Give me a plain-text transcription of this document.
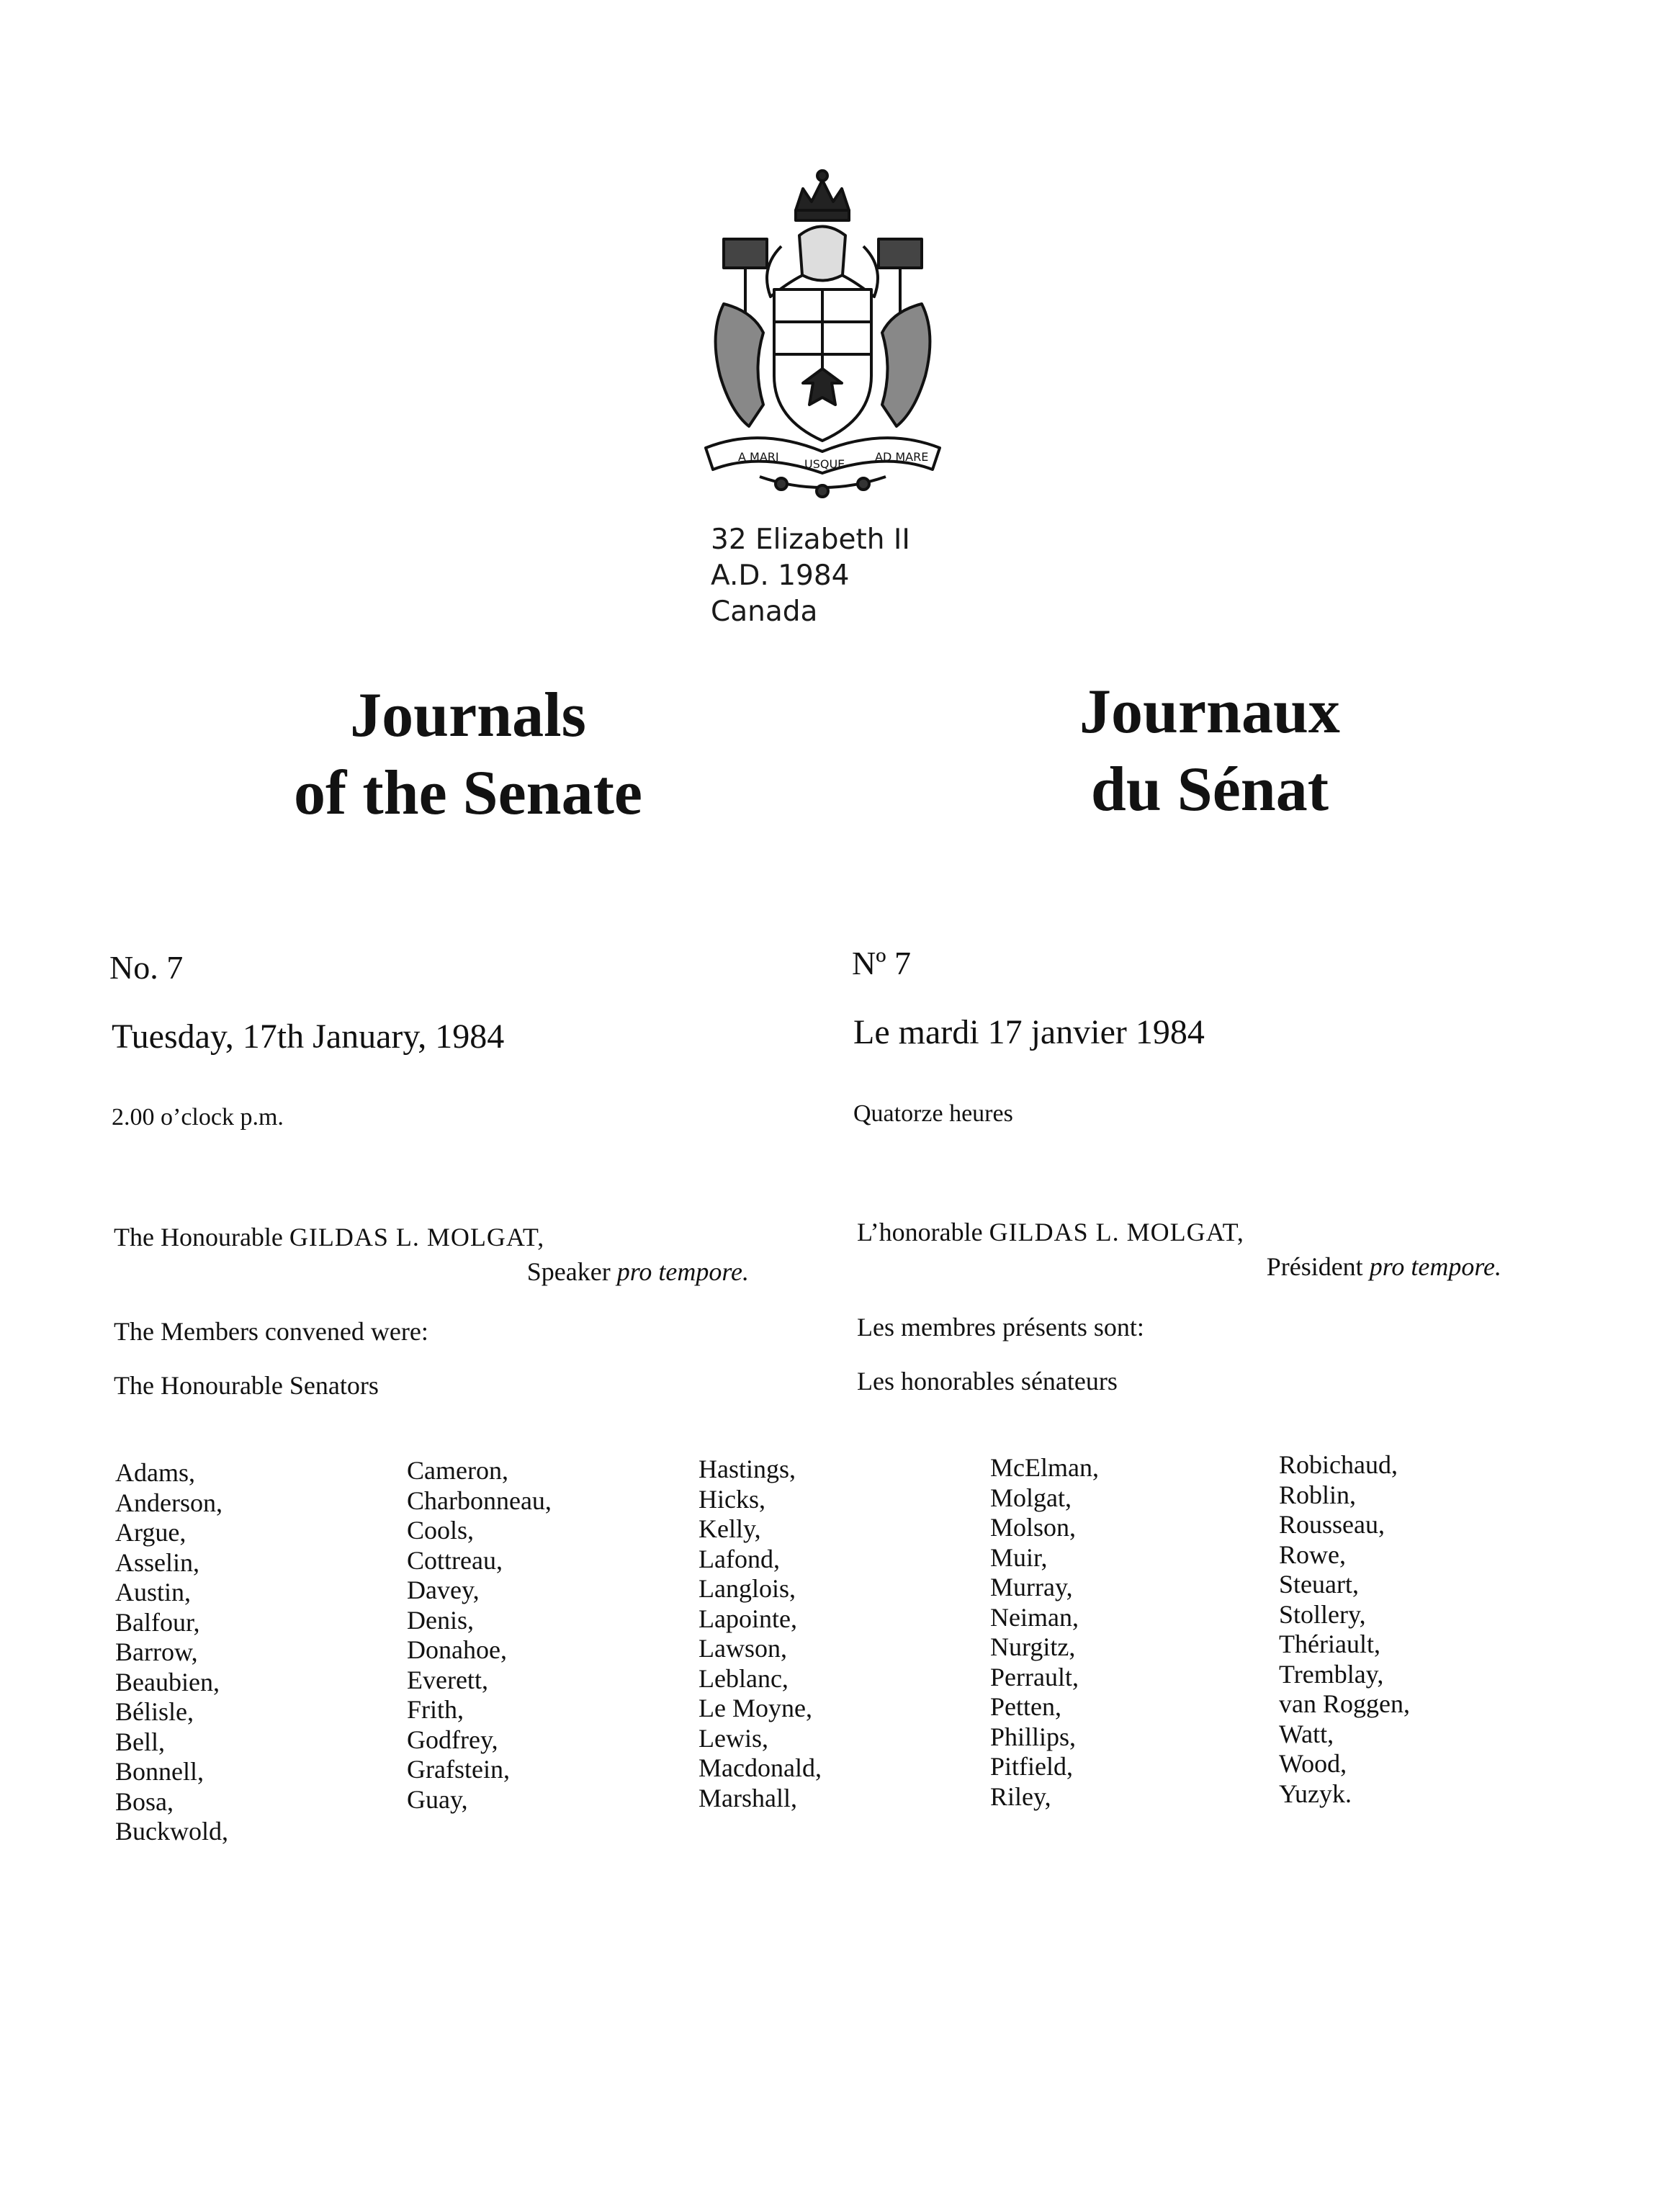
A MARI
USQUE
AD MARE
32 Elizabeth II
A.D. 1984
Canada
Journals
of the Senate
Journaux
du Sénat
No. 7
Tuesday, 17th January, 1984
2.00 o’clock p.m.
Nº 7
Le mardi 17 janvier 1984
Quatorze heures
The Honourable GILDAS L. MOLGAT,
Speaker pro tempore.
L’honorable GILDAS L. MOLGAT,
Président pro tempore.
The Members convened were:	Les membres présents sont:
The Honourable Senators	Les honorables sénateurs
Adams,
Anderson,
Argue,
Asselin,
Austin,
Balfour,
Barrow,
Beaubien,
Bélisle,
Bell,
Bonnell,
Bosa,
Buckwold,
Cameron,
Charbonneau,
Cools,
Cottreau,
Davey,
Denis,
Donahoe,
Everett,
Frith,
Godfrey,
Grafstein,
Guay,
Hastings,
Hicks,
Kelly,
Lafond,
Langlois,
Lapointe,
Lawson,
Leblanc,
Le Moyne,
Lewis,
Macdonald,
Marshall,
McElman,
Molgat,
Molson,
Muir,
Murray,
Neiman,
Nurgitz,
Perrault,
Petten,
Phillips,
Pitfield,
Riley,
Robichaud,
Roblin,
Rousseau,
Rowe,
Steuart,
Stollery,
Thériault,
Tremblay,
van Roggen,
Watt,
Wood,
Yuzyk.
